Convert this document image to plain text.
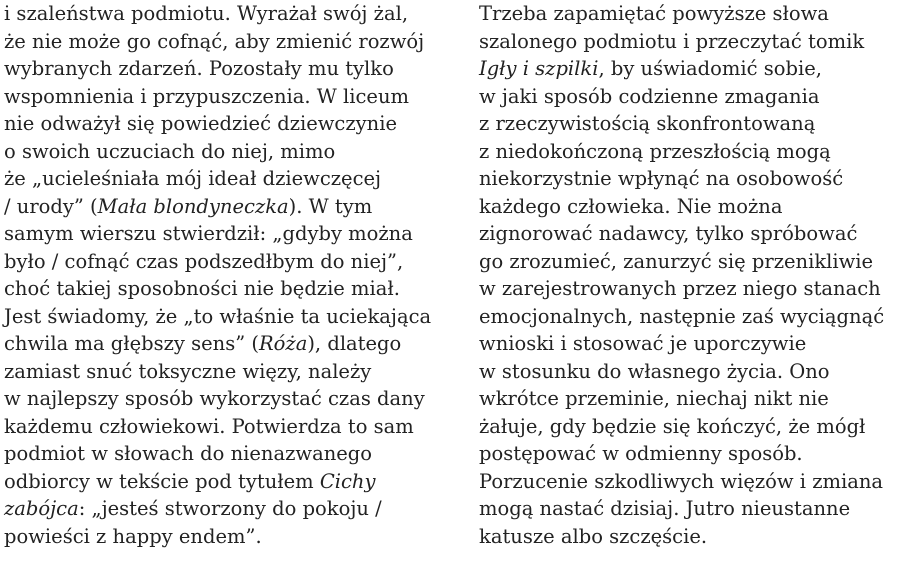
i szaleństwa podmiotu. Wyrażał swój żal,
że nie może go cofnąć, aby zmienić rozwój
wybranych zdarzeń. Pozostały mu tylko
wspomnienia i przypuszczenia. W liceum
nie odważył się powiedzieć dziewczynie
o swoich uczuciach do niej, mimo
że „ucieleśniała mój ideał dziewczęcej
/ urody” (Mała blondyneczka). W tym
samym wierszu stwierdził: „gdyby można
było / cofnąć czas podszedłbym do niej”,
choć takiej sposobności nie będzie miał.
Jest świadomy, że „to właśnie ta uciekająca
chwila ma głębszy sens” (Róża), dlatego
zamiast snuć toksyczne więzy, należy
w najlepszy sposób wykorzystać czas dany
każdemu człowiekowi. Potwierdza to sam
podmiot w słowach do nienazwanego
odbiorcy w tekście pod tytułem Cichy
zabójca: „jesteś stworzony do pokoju /
powieści z happy endem”.
Trzeba zapamiętać powyższe słowa
szalonego podmiotu i przeczytać tomik
Igły i szpilki, by uświadomić sobie,
w jaki sposób codzienne zmagania
z rzeczywistością skonfrontowaną
z niedokończoną przeszłością mogą
niekorzystnie wpłynąć na osobowość
każdego człowieka. Nie można
zignorować nadawcy, tylko spróbować
go zrozumieć, zanurzyć się przenikliwie
w zarejestrowanych przez niego stanach
emocjonalnych, następnie zaś wyciągnąć
wnioski i stosować je uporczywie
w stosunku do własnego życia. Ono
wkrótce przeminie, niechaj nikt nie
żałuje, gdy będzie się kończyć, że mógł
postępować w odmienny sposób.
Porzucenie szkodliwych więzów i zmiana
mogą nastać dzisiaj. Jutro nieustanne
katusze albo szczęście.
